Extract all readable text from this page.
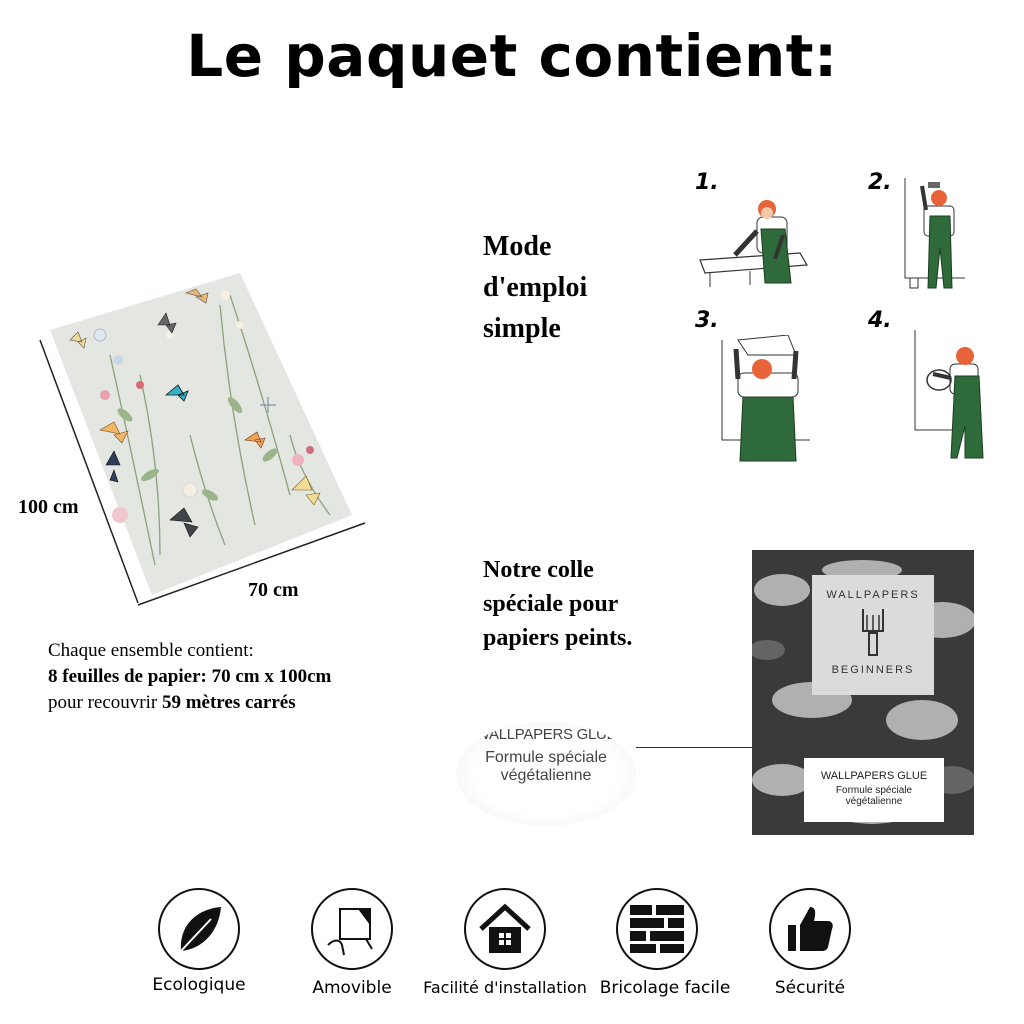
Le paquet contient:
100 cm
70 cm
Chaque ensemble contient:
8 feuilles de papier: 70 cm x 100cm
pour recouvrir 59 mètres carrés
Mode
d'emploi
simple
1.	2.
3.	4.
Notre colle
spéciale pour
papiers peints.
WALLPAPERS GLUE
Formule spéciale
végétalienne
WALLPAPERS
BEGINNERS
WALLPAPERS GLUE
Formule spéciale
végétalienne
Ecologique	Amovible	Facilité d'installation Bricolage facile	Sécurité
